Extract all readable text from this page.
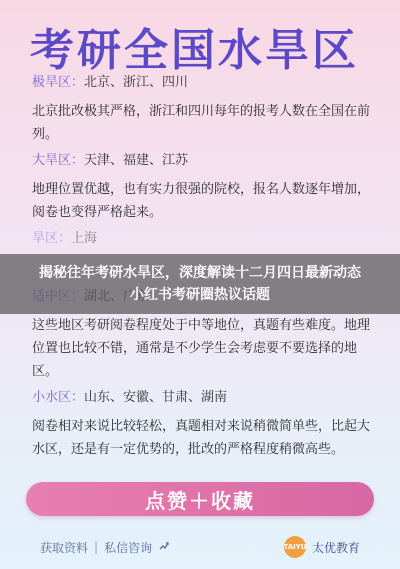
考研全国水旱区
极旱区：北京、浙江、四川
北京批改极其严格，浙江和四川每年的报考人数在全国在前列。
大旱区：天津、福建、江苏
地理位置优越，也有实力很强的院校，报名人数逐年增加，阅卷也变得严格起来。
旱区：上海
这些地区考研阅卷程度处于中等地位，真题有些难度。地理位置也比较不错，通常是不少学生会考虑要不要选择的地区。
小水区：山东、安徽、甘肃、湖南
阅卷相对来说比较轻松，真题相对来说稍微简单些，比起大水区，还是有一定优势的，批改的严格程度稍微高些。
揭秘往年考研水旱区，深度解读十二月四日最新动态
小红书考研圈热议话题
点赞＋收藏
获取资料 | 私信咨询	TAIYU 太优教育
